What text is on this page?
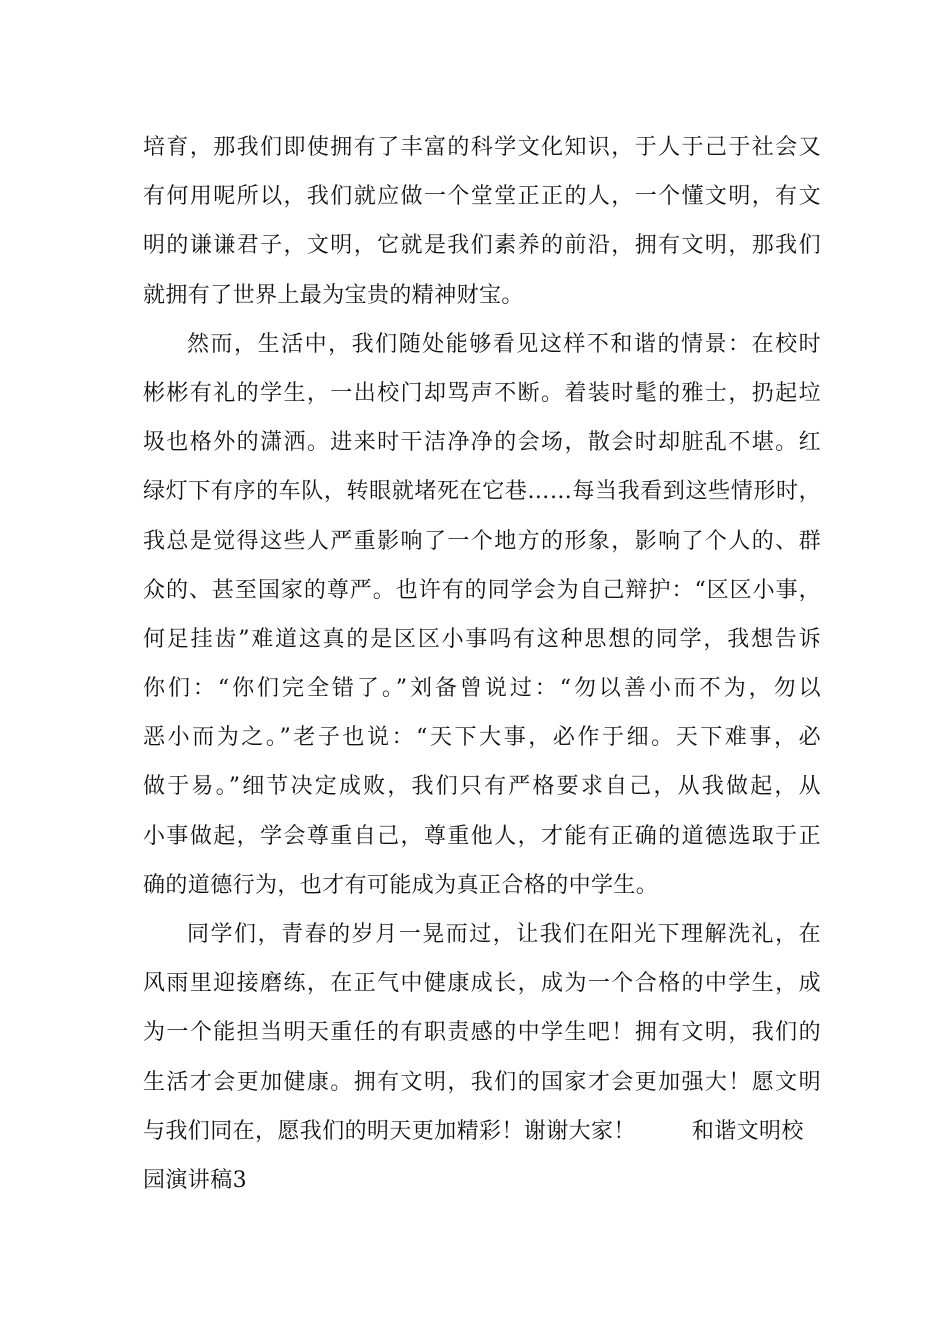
培育，那我们即使拥有了丰富的科学文化知识，于人于己于社会又
有何用呢所以，我们就应做一个堂堂正正的人，一个懂文明，有文
明的谦谦君子，文明，它就是我们素养的前沿，拥有文明，那我们
就拥有了世界上最为宝贵的精神财宝。
然而，生活中，我们随处能够看见这样不和谐的情景：在校时
彬彬有礼的学生，一出校门却骂声不断。着装时髦的雅士，扔起垃
圾也格外的潇洒。进来时干洁净净的会场，散会时却脏乱不堪。红
绿灯下有序的车队，转眼就堵死在它巷……每当我看到这些情形时，
我总是觉得这些人严重影响了一个地方的形象，影响了个人的、群
众的、甚至国家的尊严。也许有的同学会为自己辩护：“区区小事，
何足挂齿”难道这真的是区区小事吗有这种思想的同学，我想告诉
你们：“你们完全错了。”刘备曾说过：“勿以善小而不为，勿以
恶小而为之。”老子也说：“天下大事，必作于细。天下难事，必
做于易。”细节决定成败，我们只有严格要求自己，从我做起，从
小事做起，学会尊重自己，尊重他人，才能有正确的道德选取于正
确的道德行为，也才有可能成为真正合格的中学生。
同学们，青春的岁月一晃而过，让我们在阳光下理解洗礼，在
风雨里迎接磨练，在正气中健康成长，成为一个合格的中学生，成
为一个能担当明天重任的有职责感的中学生吧！拥有文明，我们的
生活才会更加健康。拥有文明，我们的国家才会更加强大！愿文明
与我们同在，愿我们的明天更加精彩！谢谢大家！	和谐文明校
园演讲稿3
